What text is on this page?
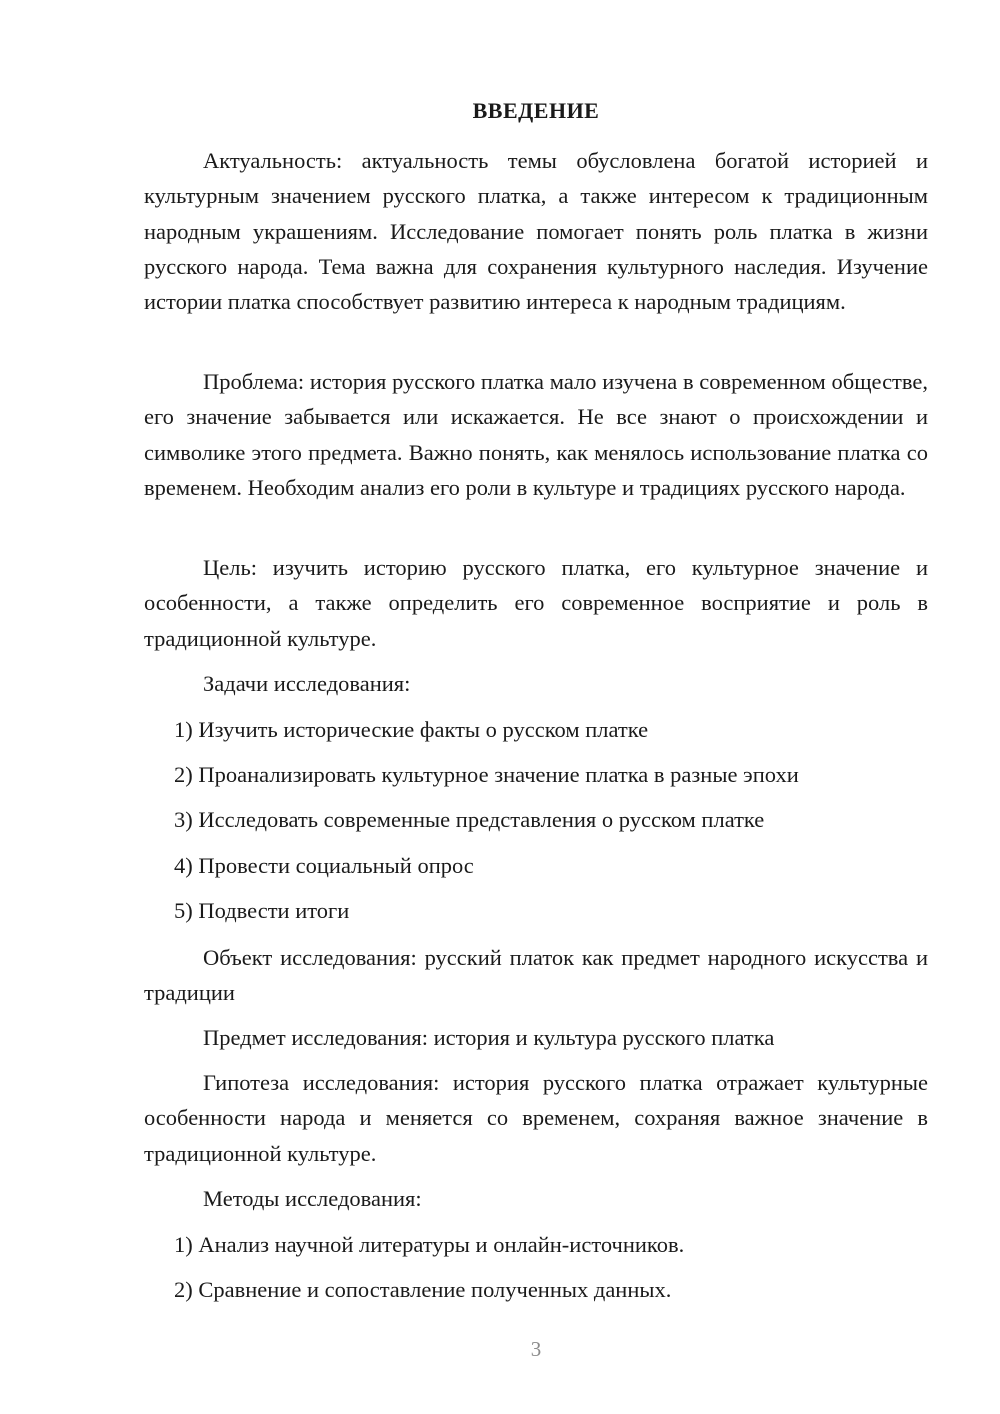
ВВЕДЕНИЕ

Актуальность: актуальность темы обусловлена богатой историей и культурным значением русского платка, а также интересом к традиционным народным украшениям. Исследование помогает понять роль платка в жизни русского народа. Тема важна для сохранения культурного наследия. Изучение истории платка способствует развитию интереса к народным традициям.

Проблема: история русского платка мало изучена в современном обществе, его значение забывается или искажается. Не все знают о происхождении и символике этого предмета. Важно понять, как менялось использование платка со временем. Необходим анализ его роли в культуре и традициях русского народа.

Цель: изучить историю русского платка, его культурное значение и особенности, а также определить его современное восприятие и роль в традиционной культуре.

Задачи исследования:

1) Изучить исторические факты о русском платке

2) Проанализировать культурное значение платка в разные эпохи

3) Исследовать современные представления о русском платке

4) Провести социальный опрос

5) Подвести итоги

Объект исследования: русский платок как предмет народного искусства и традиции

Предмет исследования: история и культура русского платка

Гипотеза исследования: история русского платка отражает культурные особенности народа и меняется со временем, сохраняя важное значение в традиционной культуре.

Методы исследования:

1) Анализ научной литературы и онлайн-источников.

2) Сравнение и сопоставление полученных данных.

3
